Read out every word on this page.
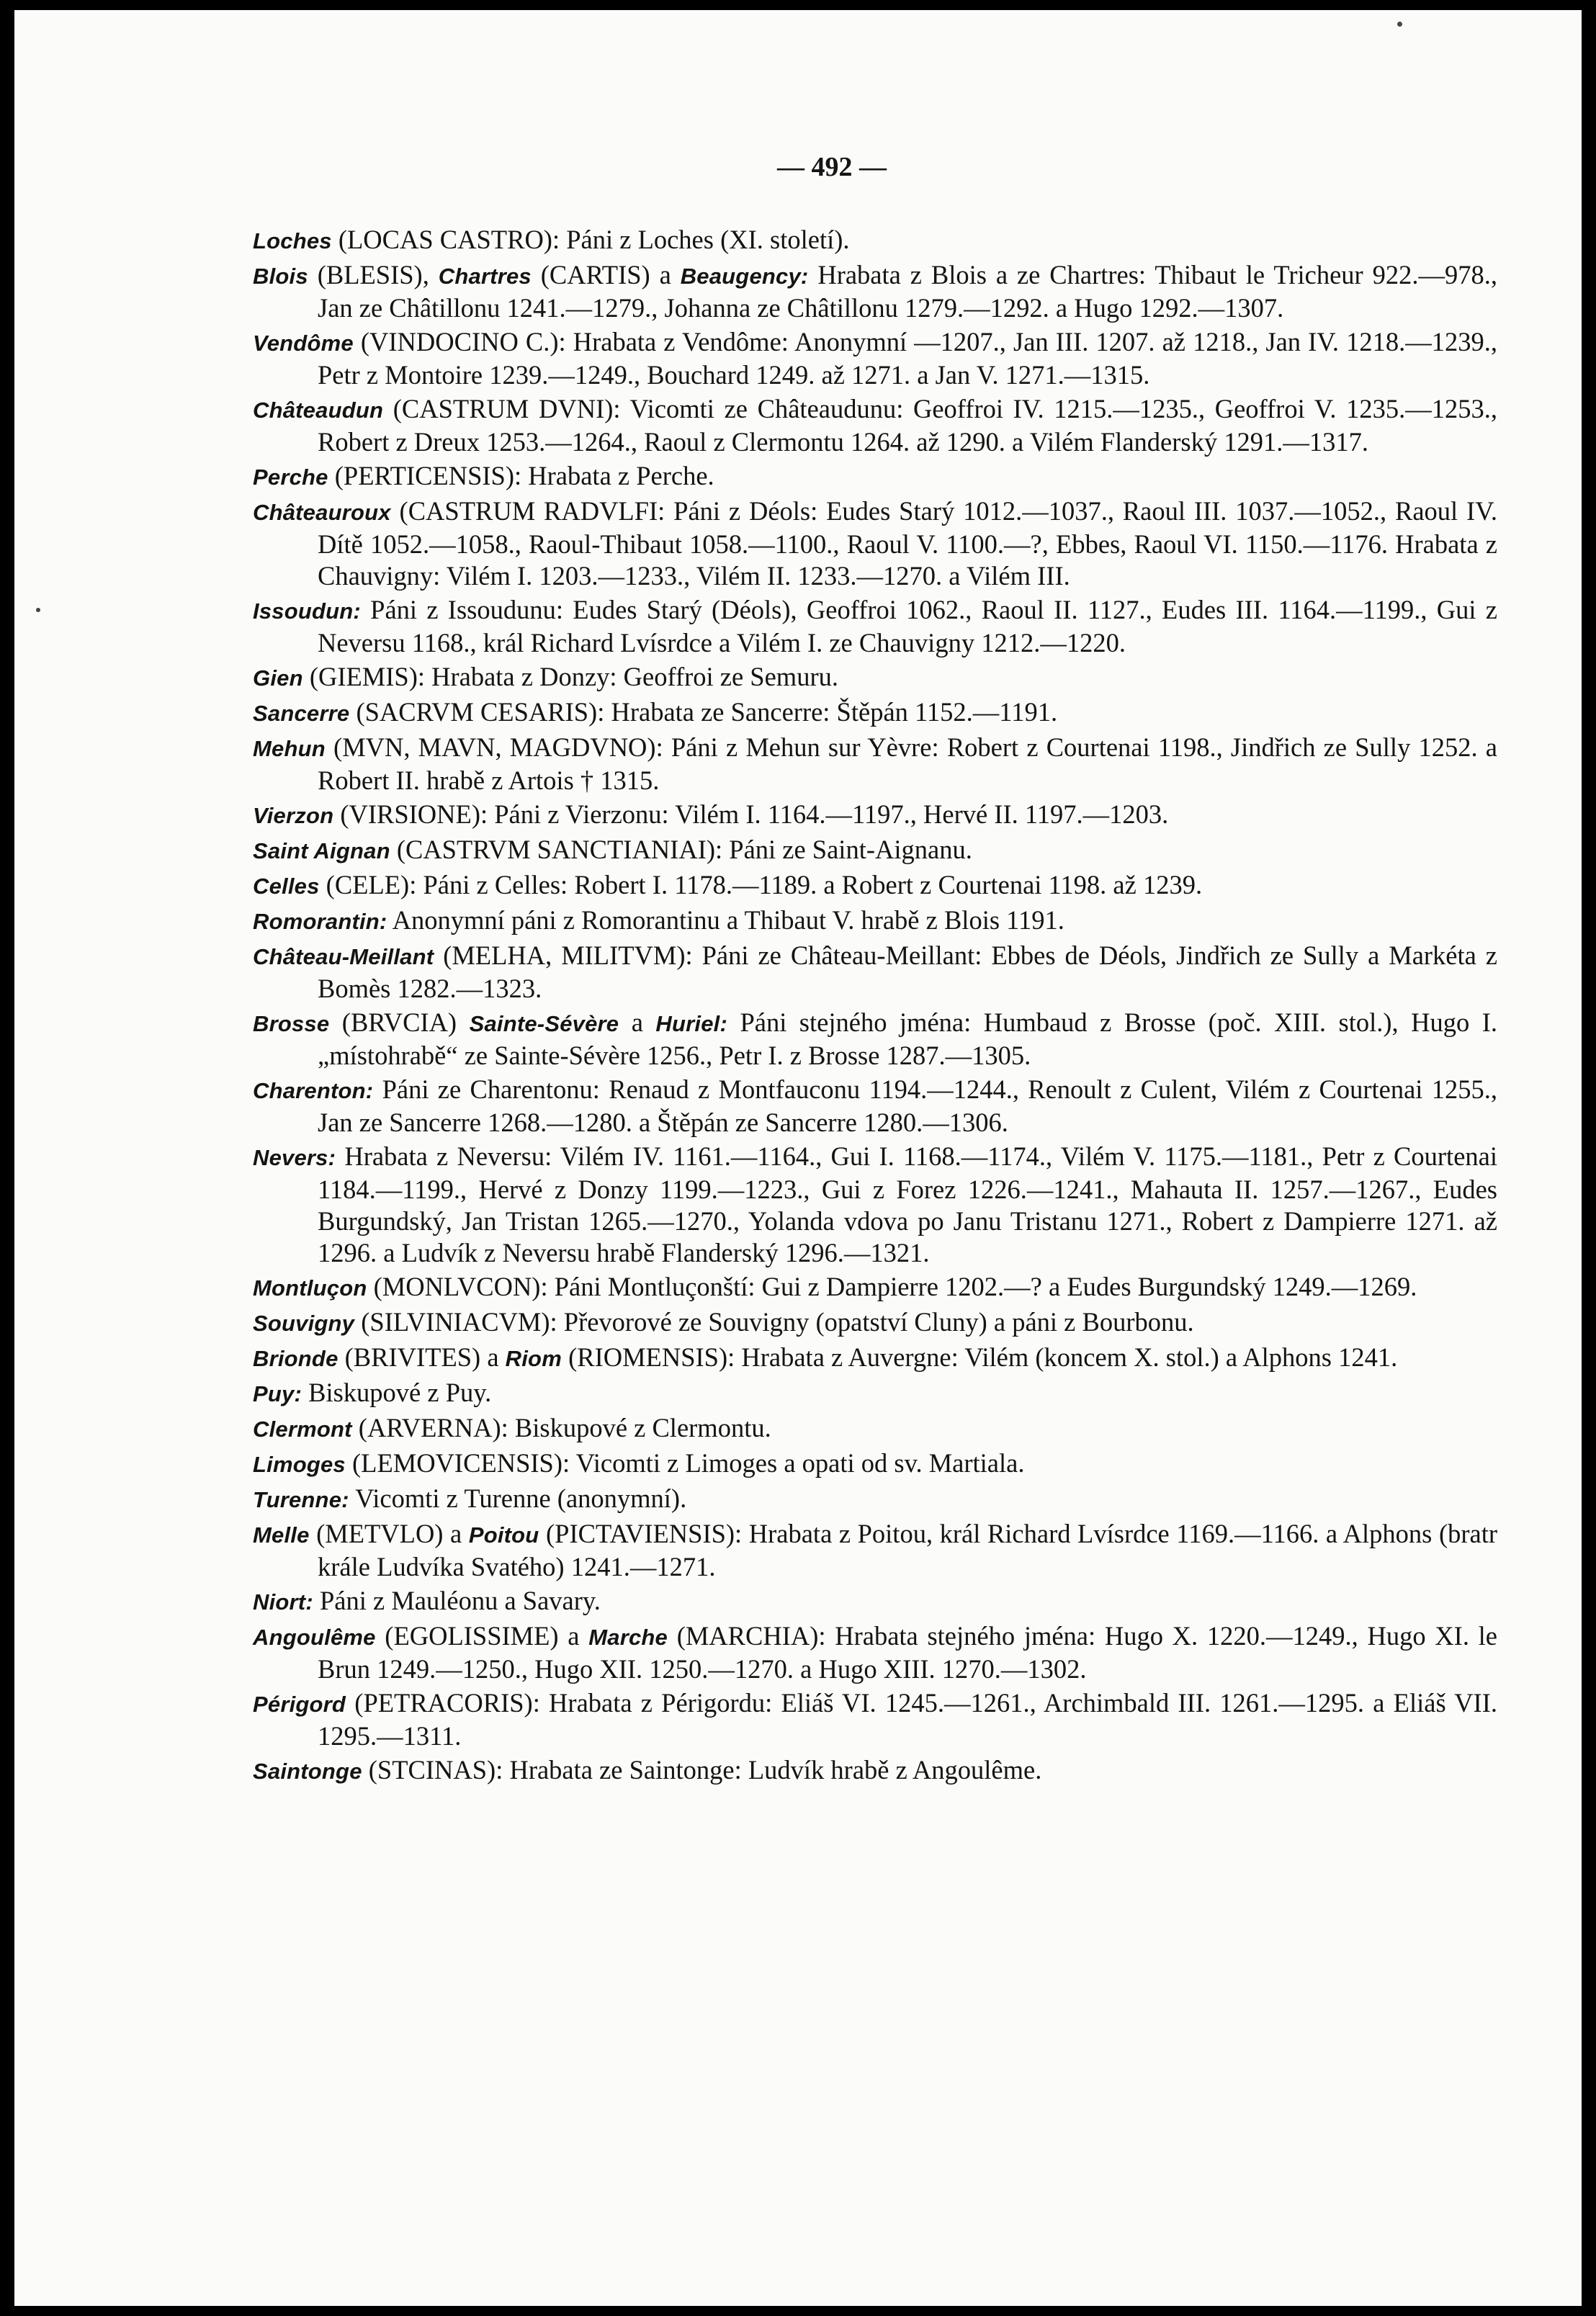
— 492 —

Loches (LOCAS CASTRO): Páni z Loches (XI. století).

Blois (BLESIS), Chartres (CARTIS) a Beaugency: Hrabata z Blois a ze Chartres: Thibaut le Tricheur 922.—978., Jan ze Châtillonu 1241.—1279., Johanna ze Châtillonu 1279.—1292. a Hugo 1292.—1307.

Vendôme (VINDOCINO C.): Hrabata z Vendôme: Anonymní —1207., Jan III. 1207. až 1218., Jan IV. 1218.—1239., Petr z Montoire 1239.—1249., Bouchard 1249. až 1271. a Jan V. 1271.—1315.

Châteaudun (CASTRUM DVNI): Vicomti ze Châteaudunu: Geoffroi IV. 1215.—1235., Geoffroi V. 1235.—1253., Robert z Dreux 1253.—1264., Raoul z Clermontu 1264. až 1290. a Vilém Flanderský 1291.—1317.

Perche (PERTICENSIS): Hrabata z Perche.

Châteauroux (CASTRUM RADVLFI: Páni z Déols: Eudes Starý 1012.—1037., Raoul III. 1037.—1052., Raoul IV. Dítě 1052.—1058., Raoul-Thibaut 1058.—1100., Raoul V. 1100.—?, Ebbes, Raoul VI. 1150.—1176. Hrabata z Chauvigny: Vilém I. 1203.—1233., Vilém II. 1233.—1270. a Vilém III.

Issoudun: Páni z Issoudunu: Eudes Starý (Déols), Geoffroi 1062., Raoul II. 1127., Eudes III. 1164.—1199., Gui z Neversu 1168., král Richard Lvísrdce a Vilém I. ze Chauvigny 1212.—1220.

Gien (GIEMIS): Hrabata z Donzy: Geoffroi ze Semuru.

Sancerre (SACRVM CESARIS): Hrabata ze Sancerre: Štěpán 1152.—1191.

Mehun (MVN, MAVN, MAGDVNO): Páni z Mehun sur Yèvre: Robert z Courtenai 1198., Jindřich ze Sully 1252. a Robert II. hrabě z Artois † 1315.

Vierzon (VIRSIONE): Páni z Vierzonu: Vilém I. 1164.—1197., Hervé II. 1197.—1203.

Saint Aignan (CASTRVM SANCTIANIAI): Páni ze Saint-Aignanu.

Celles (CELE): Páni z Celles: Robert I. 1178.—1189. a Robert z Courtenai 1198. až 1239.

Romorantin: Anonymní páni z Romorantinu a Thibaut V. hrabě z Blois 1191.

Château-Meillant (MELHA, MILITVM): Páni ze Château-Meillant: Ebbes de Déols, Jindřich ze Sully a Markéta z Bomès 1282.—1323.

Brosse (BRVCIA) Sainte-Sévère a Huriel: Páni stejného jména: Humbaud z Brosse (poč. XIII. stol.), Hugo I. „místohrabě“ ze Sainte-Sévère 1256., Petr I. z Brosse 1287.—1305.

Charenton: Páni ze Charentonu: Renaud z Montfauconu 1194.—1244., Renoult z Culent, Vilém z Courtenai 1255., Jan ze Sancerre 1268.—1280. a Štěpán ze Sancerre 1280.—1306.

Nevers: Hrabata z Neversu: Vilém IV. 1161.—1164., Gui I. 1168.—1174., Vilém V. 1175.—1181., Petr z Courtenai 1184.—1199., Hervé z Donzy 1199.—1223., Gui z Forez 1226.—1241., Mahauta II. 1257.—1267., Eudes Burgundský, Jan Tristan 1265.—1270., Yolanda vdova po Janu Tristanu 1271., Robert z Dampierre 1271. až 1296. a Ludvík z Neversu hrabě Flanderský 1296.—1321.

Montluçon (MONLVCON): Páni Montluçonští: Gui z Dampierre 1202.—? a Eudes Burgundský 1249.—1269.

Souvigny (SILVINIACVM): Převorové ze Souvigny (opatství Cluny) a páni z Bourbonu.

Brionde (BRIVITES) a Riom (RIOMENSIS): Hrabata z Auvergne: Vilém (koncem X. stol.) a Alphons 1241.

Puy: Biskupové z Puy.

Clermont (ARVERNA): Biskupové z Clermontu.

Limoges (LEMOVICENSIS): Vicomti z Limoges a opati od sv. Martiala.

Turenne: Vicomti z Turenne (anonymní).

Melle (METVLO) a Poitou (PICTAVIENSIS): Hrabata z Poitou, král Richard Lvísrdce 1169.—1166. a Alphons (bratr krále Ludvíka Svatého) 1241.—1271.

Niort: Páni z Mauléonu a Savary.

Angoulême (EGOLISSIME) a Marche (MARCHIA): Hrabata stejného jména: Hugo X. 1220.—1249., Hugo XI. le Brun 1249.—1250., Hugo XII. 1250.—1270. a Hugo XIII. 1270.—1302.

Périgord (PETRACORIS): Hrabata z Périgordu: Eliáš VI. 1245.—1261., Archimbald III. 1261.—1295. a Eliáš VII. 1295.—1311.

Saintonge (STCINAS): Hrabata ze Saintonge: Ludvík hrabě z Angoulême.
